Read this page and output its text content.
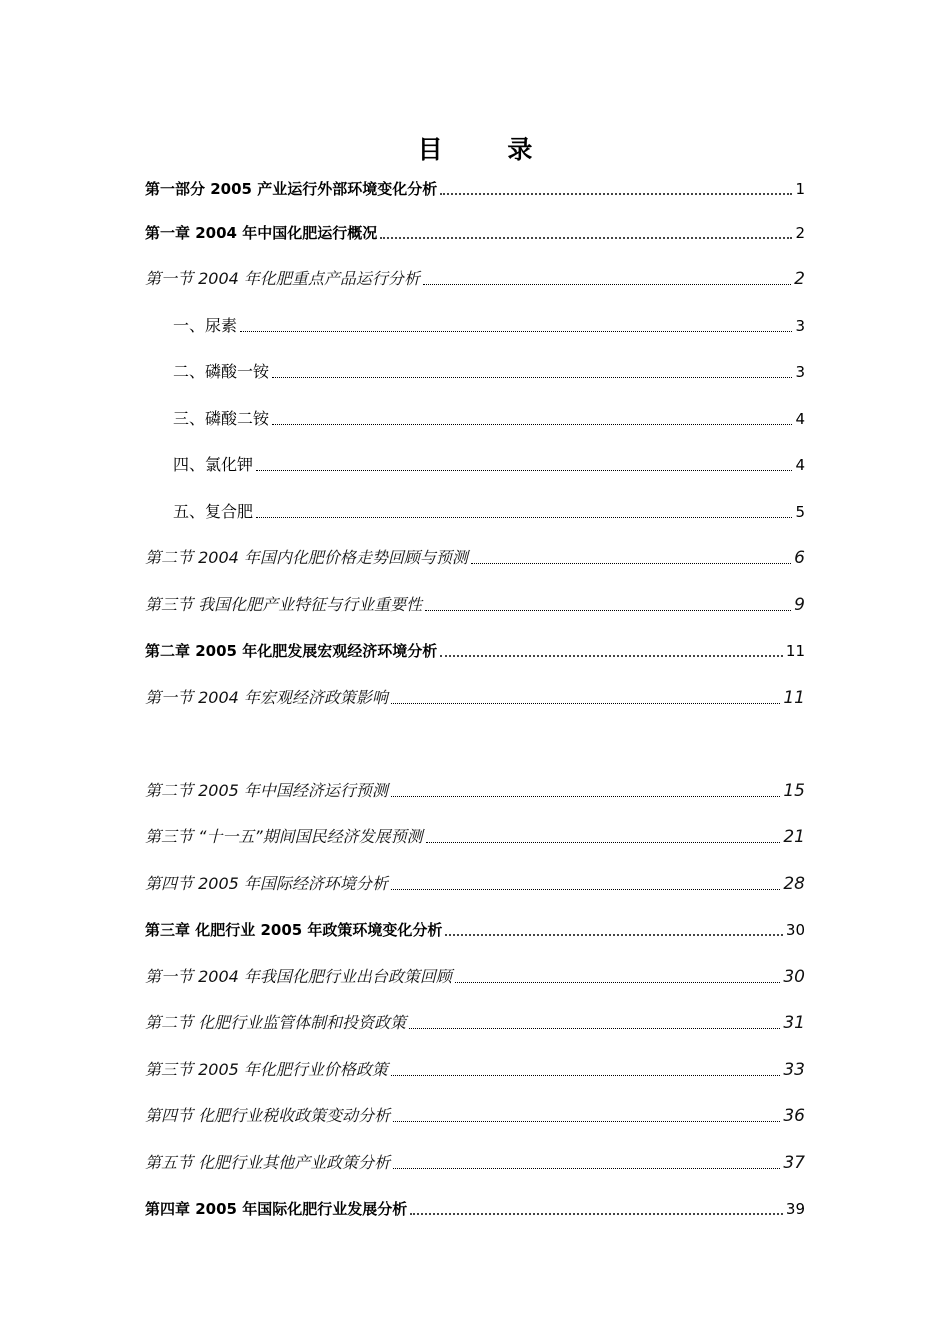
目 录
第一部分 2005 产业运行外部环境变化分析	1
第一章 2004 年中国化肥运行概况	2
第一节 2004 年化肥重点产品运行分析	2
一、尿素	3
二、磷酸一铵	3
三、磷酸二铵	4
四、氯化钾	4
五、复合肥	5
第二节 2004 年国内化肥价格走势回顾与预测	6
第三节 我国化肥产业特征与行业重要性	9
第二章 2005 年化肥发展宏观经济环境分析	11
第一节 2004 年宏观经济政策影响	11
第二节 2005 年中国经济运行预测	15
第三节 “十一五”期间国民经济发展预测	21
第四节 2005 年国际经济环境分析	28
第三章 化肥行业 2005 年政策环境变化分析	30
第一节 2004 年我国化肥行业出台政策回顾	30
第二节 化肥行业监管体制和投资政策	31
第三节 2005 年化肥行业价格政策	33
第四节 化肥行业税收政策变动分析	36
第五节 化肥行业其他产业政策分析	37
第四章 2005 年国际化肥行业发展分析	39
